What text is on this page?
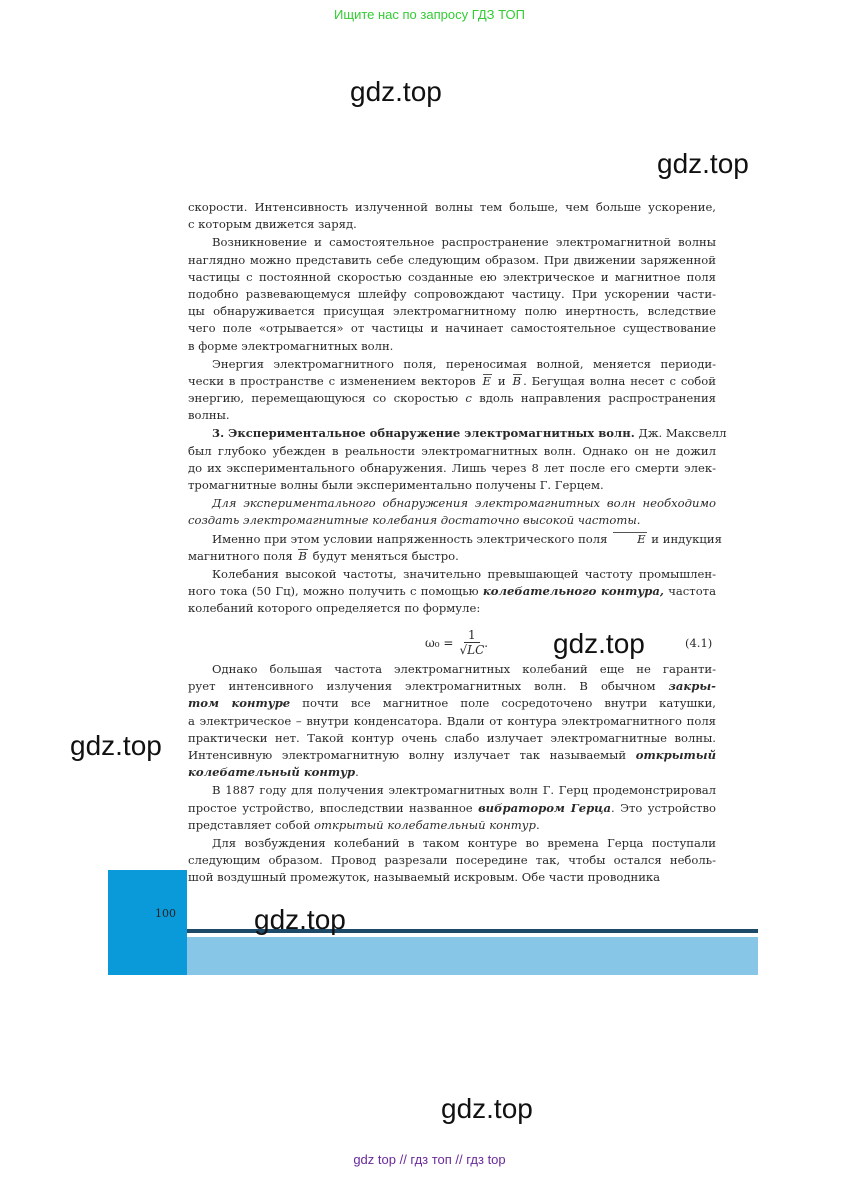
Ищите нас по запросу ГДЗ ТОП
gdz.top
gdz.top
gdz.top
gdz.top
gdz.top
gdz.top
скорости. Интенсивность излученной волны тем больше, чем больше ускорение,
с которым движется заряд.
Возникновение и самостоятельное распространение электромагнитной волны
наглядно можно представить себе следующим образом. При движении заряженной
частицы с постоянной скоростью созданные ею электрическое и магнитное поля
подобно развевающемуся шлейфу сопровождают частицу. При ускорении части-
цы обнаруживается присущая электромагнитному полю инертность, вследствие
чего поле «отрывается» от частицы и начинает самостоятельное существование
в форме электромагнитных волн.
Энергия электромагнитного поля, переносимая волной, меняется периоди-
чески в пространстве с изменением векторов E и B . Бегущая волна несет с собой
энергию, перемещающуюся со скоростью c вдоль направления распространения
волны.
3. Экспериментальное обнаружение электромагнитных волн. Дж. Максвелл
был глубоко убежден в реальности электромагнитных волн. Однако он не дожил
до их экспериментального обнаружения. Лишь через 8 лет после его смерти элек-
тромагнитные волны были экспериментально получены Г. Герцем.
Для экспериментального обнаружения электромагнитных волн необходимо
создать электромагнитные колебания достаточно высокой частоты.
Именно при этом условии напряженность электрического поля E и индукция
магнитного поля B будут меняться быстро.
Колебания высокой частоты, значительно превышающей частоту промышлен-
ного тока (50 Гц), можно получить с помощью колебательного контура, частота
колебаний которого определяется по формуле:
$\omega_0 = \frac{1}{√LC}$ .	(4.1)
Однако большая частота электромагнитных колебаний еще не гаранти-
рует интенсивного излучения электромагнитных волн. В обычном закры-
том контуре почти все магнитное поле сосредоточено внутри катушки,
а электрическое – внутри конденсатора. Вдали от контура электромагнитного поля
практически нет. Такой контур очень слабо излучает электромагнитные волны.
Интенсивную электромагнитную волну излучает так называемый открытый
колебательный контур.
В 1887 году для получения электромагнитных волн Г. Герц продемонстрировал
простое устройство, впоследствии названное вибратором Герца. Это устройство
представляет собой открытый колебательный контур.
Для возбуждения колебаний в таком контуре во времена Герца поступали
следующим образом. Провод разрезали посередине так, чтобы остался неболь-
шой воздушный промежуток, называемый искровым. Обе части проводника
100
gdz top // гдз топ // гдз top
